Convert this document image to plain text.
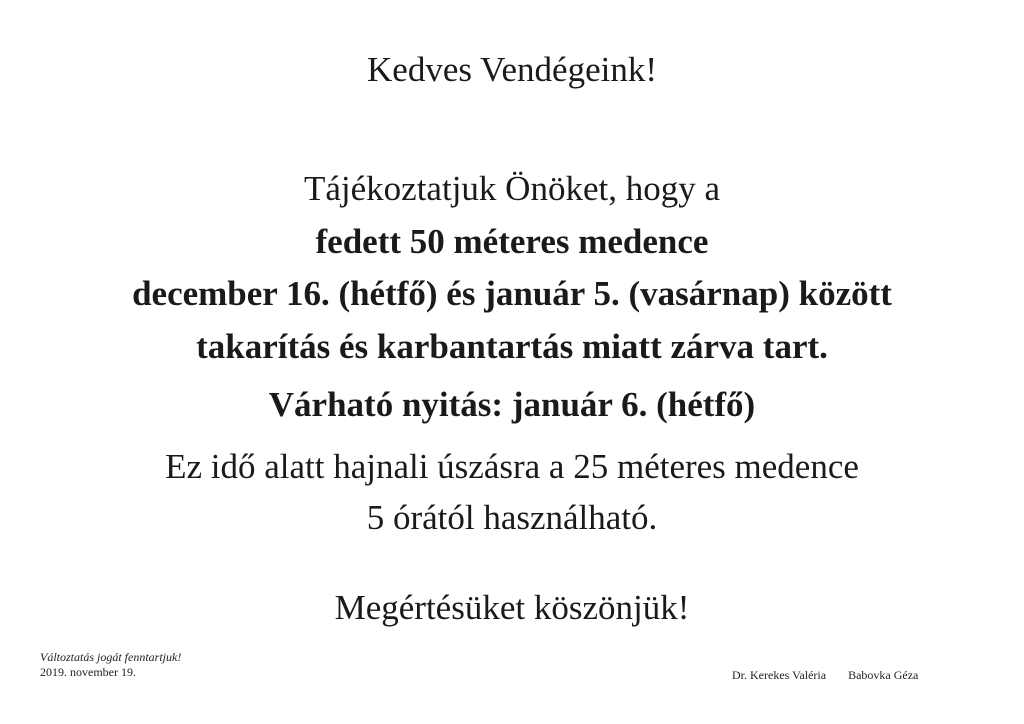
Kedves Vendégeink!
Tájékoztatjuk Önöket, hogy a
fedett 50 méteres medence
december 16. (hétfő) és január 5. (vasárnap) között
takarítás és karbantartás miatt zárva tart.
Várható nyitás: január 6. (hétfő)
Ez idő alatt hajnali úszásra a 25 méteres medence
5 órától használható.
Megértésüket köszönjük!
Változtatás jogát fenntartjuk!
2019. november 19.	Dr. Kerekes Valéria Babovka Géza
